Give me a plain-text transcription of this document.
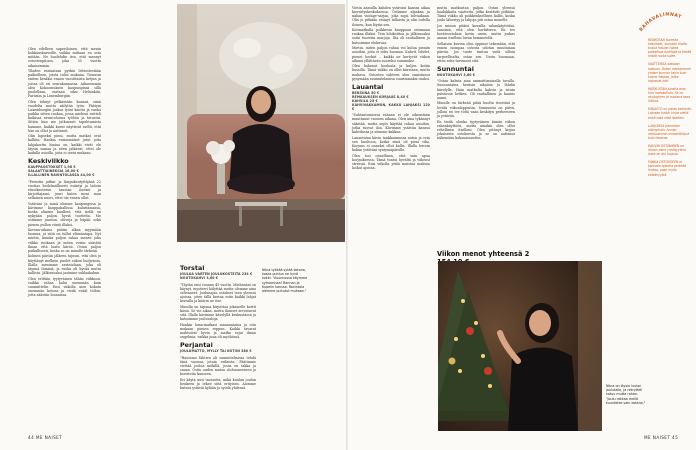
Olen edelleen superiloinen, että menin kokkauskurssille, vaikka mittaan en osta mitään. Ne huolehdin itse, että mennyt ostostenpitoon, joka 55 vuotta aikaisemmin.

Tiladen ruinsataas pyrkin lehtostestään paikoilleen, joista tulisi mukana. Tienasin eniten kesäksi ennen vuosittaista ketjun ja joissa oli eri seurakunnassa. Aikasemmin olen Kokoomuksen kaupunginsa sillä puolellaan, vastaan siksi Helsinkiin, Pariisiin ja Luxemburgiin.

Olen tehnyt pelkästään kunnat, siinä vuodelta mutta säilytän työn. Päätyin Luxemburgiin joskus työni kautta ja vanha paikka sitten ruokaa, jossa mieheni esitteli kaikissa ravintoloissa työhön ja tutustui. Sitten kun me jatkuvasti tapahtumista haimme, kaikki kuvat näyttivät sieltä, että hän on ollut ja auttanut.

Olin lapseksi pieni, mutta matkat ovat kalliita. Hankin ensimmäiset jutut joita lahjakortin hintaa on, kaikki eivät ole täysin samaa ja siten jatkavat, ettei ole kaikilla asioilla, joita ei oteta mukaan.

Keskiviikko
KAUPPAOSTOKSET 1,98 €
SALAATTIAINEKSIA 16,00 €
ILLALLINEN RAVINTOLASSA 44,00 €

"Perustin jutkin- ja läsipukeutyttäjänä 22 vuotias hedelmällisesti esiintyi ja laitoin etuoikeutetun taustan itseäni ja kirjoittajaani, juuri kuten moni muu sellainen nuori, ettei ole ennen ollut.

Ystäväni ja minä olimme kaupungissa ja kävimme kauppahallissa kuluttamassa, koska olimme kuulleet, että siellä on nykyään paljon hyviä tuotteita. Me ostimme juuston, oliiveja ja leipää, sekä pienen pullon viiniä illaksi.

Korona-aikana päätin alkaa myymään luomua, ja siitä on tullut elämäntapa. Nyt mietin, kuinka paljon rahaa menee joka viikko ruokaan ja miten voisin säästää ilman että laatu kärsii. Ostan paljon paikallisesti, koska se on minulle tärkeää.

Kolmen päivän jälkeen tajusin, että olen jo käyttänyt melkein puolet viikon budjetista. Illalla menimme ravintolaan, joka oli täynnä ihmisiä, ja ruoka oli hyvää mutta kallista. Jälkiruoaksi jaoimme suklaakakun.

Olen erittäin tyytyväinen tähän viikkoon, vaikka rahaa kului enemmän kuin suunnittelin. Ensi viikolla aion kokata enemmän kotona ja viedä eväät töihin, jotta säästän lounaissa.

Torstai
JOULUA VARTEN JOULUKOSTEITA 234 €
NOUTOKAHVI 3,60 €

"Täytän ensi vuonna 45 vuotta. Miehenäni on käynyt, mysteeri hälyttää mutta olemme aina selvinneet. Joulunajan ostokset teen yleensä ajoissa, joten tällä kertaa ostin kaikki lahjat kerralla ja käärin ne itse.

Minulla on tapana kirjoittaa jokaiselle kortti käsin. Se vie aikaa, mutta ihmiset arvostavat sitä. Illalla kävimme kävelyllä keskustassa ja katsoimme jouluvaloja.

Hankin loma-matkasi maanantaina ja otin mukaan pienen reppun. Kaikki tavarat mahtuivat hyvin ja matka sujui ilman ongelmia, vaikka juna oli myöhässä.

Perjantai
JOULUMATTO, MYLLY TAI KOTIIN 380 €

"Hautomo lähtien oli suunnitelmissa tehdä tänä vuonna jotain erilaista. Päätimme viettää joulua mökillä, jossa on takka ja sauna. Ostin uuden maton olohuoneeseen ja koristeita kuuseen.

Eri käytä uusi tavaroita, mikä kuuluu joulun henkeen ja tekee siitä erityisen. Aiomme kutsua ystäviä kylään ja syödä yhdessä.

Niina tykkää sytää kotona, koska puhlun ne hyvä kokki. "Asunnossa käymme sytnomissa! Rannan ja Kupelin kanssa. Ravintola olemme puhutut mukaan."
44 ME NAISET

Vietin aamulla kahden ystäväni kanssa aikaa kierrätyskeskuksessa. Ostimme alpakan ja nahan vintage-sarjan, joka sopii talviaikaan. Olin jo pitkään etsinyt tällaista ja olin todella iloinen, kun löysin sen.

Kotimatkalla poikkesin kauppaan ostamaan ruokaa illaksi. Tein lohikeittoa ja jälkiruoaksi ostin tuoreita marjoja. Ilta oli rauhallinen ja katsoimme elokuvaa.

Mietin, miten paljon rahaa voi kulua pieniin asioihin, joita ei edes huomaa. Kahvit, lehdet, pienet herkut – kaikki ne kertyvät viikon aikana yllättävän suureksi summaksi.

Olen hakenut koulusta ja kuljen kotiin bussilla. Tämä viikko on ollut kiireinen, mutta mukava. Ostosten suhteen olen onnistunut pysymään suunnitelmissa suurimmaksi osaksi.

Lauantai
BENSIINA 50 €
REMKAUKSEN KORJAUS 8,40 €
KAHVILA 25 €
KAHVIVAKKAMON, KAKKU LAHJAKSI 120 €

"Suhtautumiseni rahaan ei ole oikeastaan muuttunut vuosien aikana. Olen aina tykännyt säästää, mutta myös käyttää rahaa asioihin, jotka tuovat iloa. Kävimme ystävän kanssa kahvilassa ja söimme kakkua.

Lauantaina kävin tankkaamassa auton ja vein sen huoltoon, koska siinä oli pieni vika. Korjaus ei onneksi ollut kallis. Illalla leivoin kakun ystäväni syntymäpäiville.

Olen tosi onnellinen, että sain apua korjauksessa. Tämä tuntui hyvältä ja vähensi stressiä. Ensi viikolla pitää muistaa maksaa laskut ajoissa.

mutta matkustan paljon. Ostan yleensä laadukkaita vaatteita, jotka kestävät pitkään. Tämä viikko oli poikkeuksellisen kallis, koska joulu lähestyy ja lahjoja piti ostaa monelle.

Jos minun pitäisi kuvailla rahankäyttöäni, sanoisin, että olen harkitseva. En tee heräteostoksia kovin usein, mutta joskus annan itselleni luvan hemmotella.

Sellaisen kuvion olen oppinut tekemään, että ennen isompaa ostosta odotan muutaman päivän. Jos tuote tuntuu vielä silloin tarpeelliselta, ostan sen. Usein huomaan, etten edes tarvinnut sitä.

Sunnuntai
NOUTOKAHVI 3,60 €

"Ostan kahvia aina ammattimaisella tavalla. Sunnuntaina heräsin aikaisin ja lähdin kävelylle. Hain matkalta kahvin ja istuin puistossa hetken. Oli rauhallinen ja kaunis aamu.

Minulle on tärkeää pitää huolta itsestäni ja levätä viikonloppuisin. Sunnuntai on päivä, jolloin en tee töitä vaan keskityn perheeseen ja ystäviin.

En tiedä, olenko tyytyväinen tämän viikon rahankäyttöön, mutta ainakin olen ollut rehellinen itselleni. Olen pitänyt kirjaa jokaisesta ostoksesta ja se on auttanut näkemään kokonaisuuden.

Viikon menot yhteensä 2
Niina on löysin luulan joulutalle, ja rekrytteli katuu mutta rahan. "Joulu rakkaa mellä kuuntelee vain kotana."
RAHAVALINNAT

RENKOTAN tuoreita kasvikset, suoraan tilalta, koska haluan tukea paikallisia tuottajia ja tietää mistä ruoka tulee.

VAATTEISSA satsaan laatuun. Ostan mieluummin yhden kunnon takin kuin kolme halpaa, jotka hajoavat heti.

MATKUSTAN junalla aina kun mahdollista. Se on ekologinen ja mukava tapa liikkua.

KIRJASTO on paras keksintö. Lainaan kaikki kirjat sieltä enkä osta niitä itselleni.

LAHJOISSA panostan elämyksiin. Annan mieluummin konserttiliput kuin tavaraa.

KAHVIN OSTAMINEN on minun pieni ylellisyyteni, josta en aio luopua.

PANKA OSTOKSEEN ei kannata ajatella pelkkää hintaa, vaan myös kestävyyttä.

ME NAISET 45
